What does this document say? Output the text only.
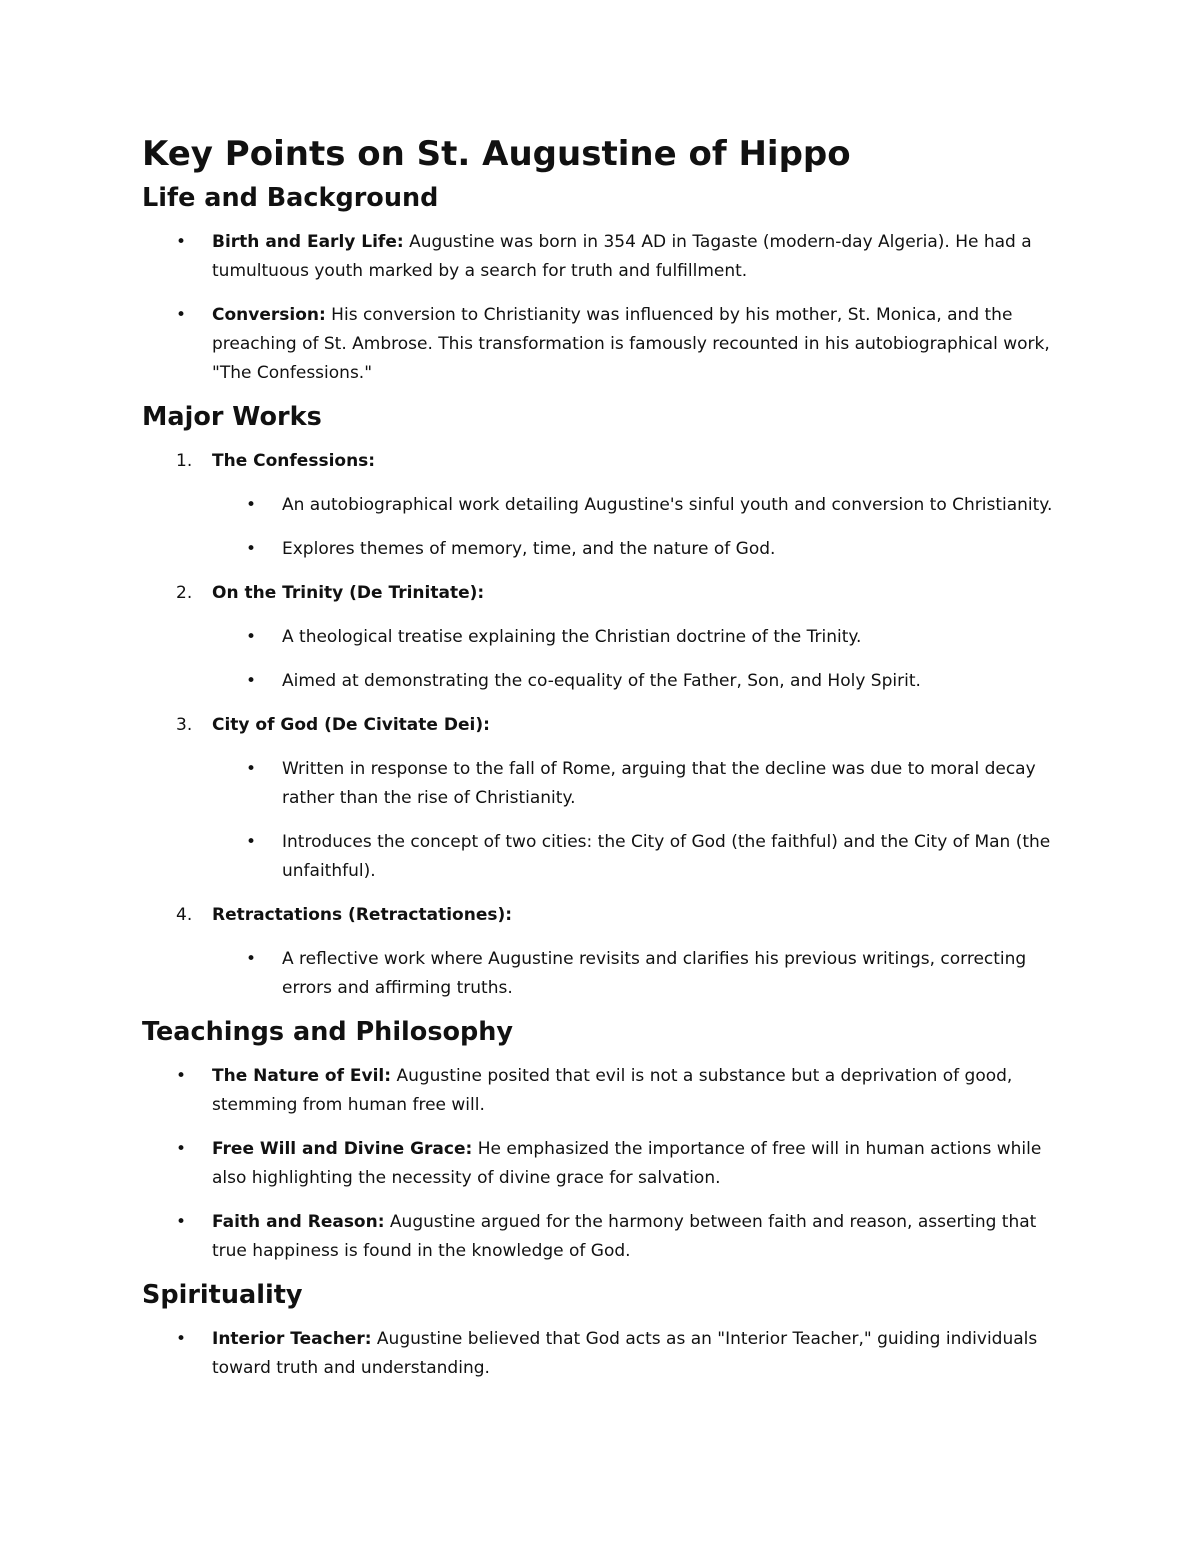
Key Points on St. Augustine of Hippo
Life and Background
• Birth and Early Life: Augustine was born in 354 AD in Tagaste (modern-day Algeria). He had a tumultuous youth marked by a search for truth and fulfillment.
• Conversion: His conversion to Christianity was influenced by his mother, St. Monica, and the preaching of St. Ambrose. This transformation is famously recounted in his autobiographical work, "The Confessions."
Major Works
1.	The Confessions:
• An autobiographical work detailing Augustine's sinful youth and conversion to Christianity.
• Explores themes of memory, time, and the nature of God.
2.	On the Trinity (De Trinitate):
• A theological treatise explaining the Christian doctrine of the Trinity.
• Aimed at demonstrating the co-equality of the Father, Son, and Holy Spirit.
3.	City of God (De Civitate Dei):
• Written in response to the fall of Rome, arguing that the decline was due to moral decay rather than the rise of Christianity.
• Introduces the concept of two cities: the City of God (the faithful) and the City of Man (the unfaithful).
4.	Retractations (Retractationes):
• A reflective work where Augustine revisits and clarifies his previous writings, correcting errors and affirming truths.
Teachings and Philosophy
• The Nature of Evil: Augustine posited that evil is not a substance but a deprivation of good, stemming from human free will.
• Free Will and Divine Grace: He emphasized the importance of free will in human actions while also highlighting the necessity of divine grace for salvation.
• Faith and Reason: Augustine argued for the harmony between faith and reason, asserting that true happiness is found in the knowledge of God.
Spirituality
• Interior Teacher: Augustine believed that God acts as an "Interior Teacher," guiding individuals toward truth and understanding.
